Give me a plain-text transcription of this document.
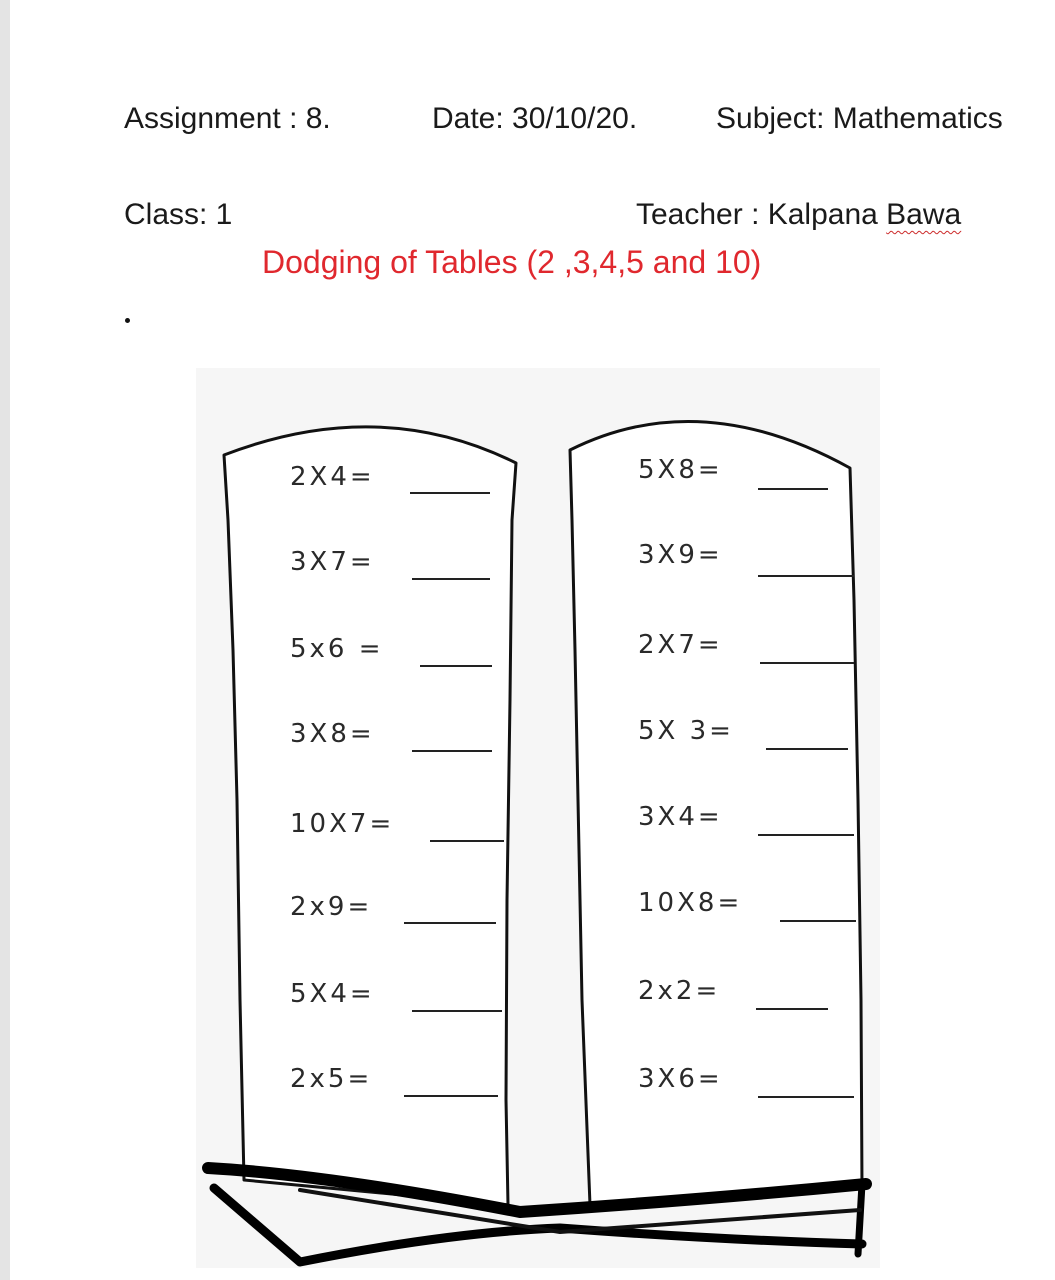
Assignment : 8.	Date: 30/10/20.	Subject: Mathematics
Class: 1	Teacher : Kalpana Bawa
Dodging of Tables (2 ,3,4,5 and 10)
2X4=
3X7=
5x6 =
3X8=
10X7=
2x9=
5X4=
2x5=
5X8=
3X9=
2X7=
5X 3=
3X4=
10X8=
2x2=
3X6=
